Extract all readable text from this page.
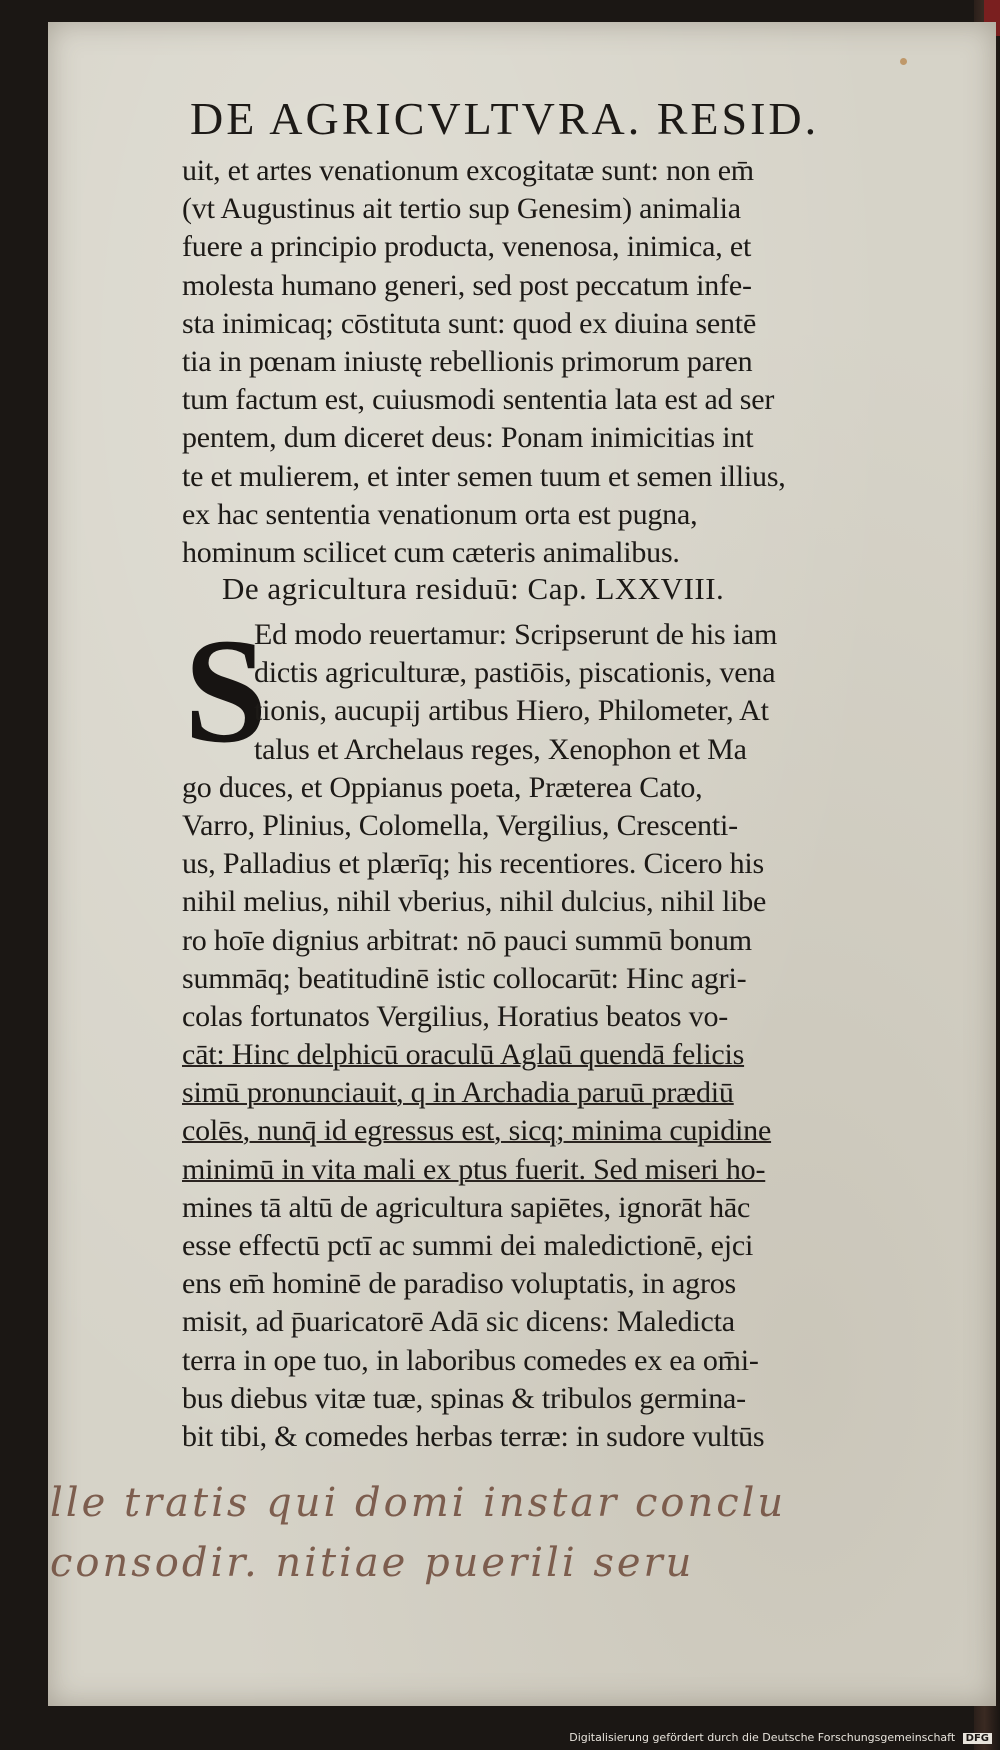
DE AGRICVLTVRA. RESID.
uit, et artes venationum excogitatæ sunt: non em̄
(vt Augustinus ait tertio sup Genesim) animalia
fuere a principio producta, venenosa, inimica, et
molesta humano generi, sed post peccatum infe-
sta inimicaq; cōstituta sunt: quod ex diuina sentē
tia in pœnam iniustę rebellionis primorum paren
tum factum est, cuiusmodi sententia lata est ad ser
pentem, dum diceret deus: Ponam inimicitias int
te et mulierem, et inter semen tuum et semen illius,
ex hac sententia venationum orta est pugna,
hominum scilicet cum cæteris animalibus.
De agricultura residuū: Cap. LXXVIII.
S
Ed modo reuertamur: Scripserunt de his iam
dictis agriculturæ, pastiōis, piscationis, vena
tionis, aucupij artibus Hiero, Philometer, At
talus et Archelaus reges, Xenophon et Ma
go duces, et Oppianus poeta, Præterea Cato,
Varro, Plinius, Colomella, Vergilius, Crescenti-
us, Palladius et plærīq; his recentiores. Cicero his
nihil melius, nihil vberius, nihil dulcius, nihil libe
ro hoīe dignius arbitrat: nō pauci summū bonum
summāq; beatitudinē istic collocarūt: Hinc agri-
colas fortunatos Vergilius, Horatius beatos vo-
cāt: Hinc delphicū oraculū Aglaū quendā felicis
simū pronunciauit, q in Archadia paruū prædiū
colēs, nunq̄ id egressus est, sicq; minima cupidine
minimū in vita mali ex ptus fuerit. Sed miseri ho-
mines tā altū de agricultura sapiētes, ignorāt hāc
esse effectū pctī ac summi dei maledictionē, ejci
ens em̄ hominē de paradiso voluptatis, in agros
misit, ad p̄uaricatorē Adā sic dicens: Maledicta
terra in ope tuo, in laboribus comedes ex ea om̄i-
bus diebus vitæ tuæ, spinas & tribulos germina-
bit tibi, & comedes herbas terræ: in sudore vultūs
lle tratis qui domi instar conclu
consodir. nitiae puerili seru
Digitalisierung gefördert durch die Deutsche Forschungsgemeinschaft DFG
